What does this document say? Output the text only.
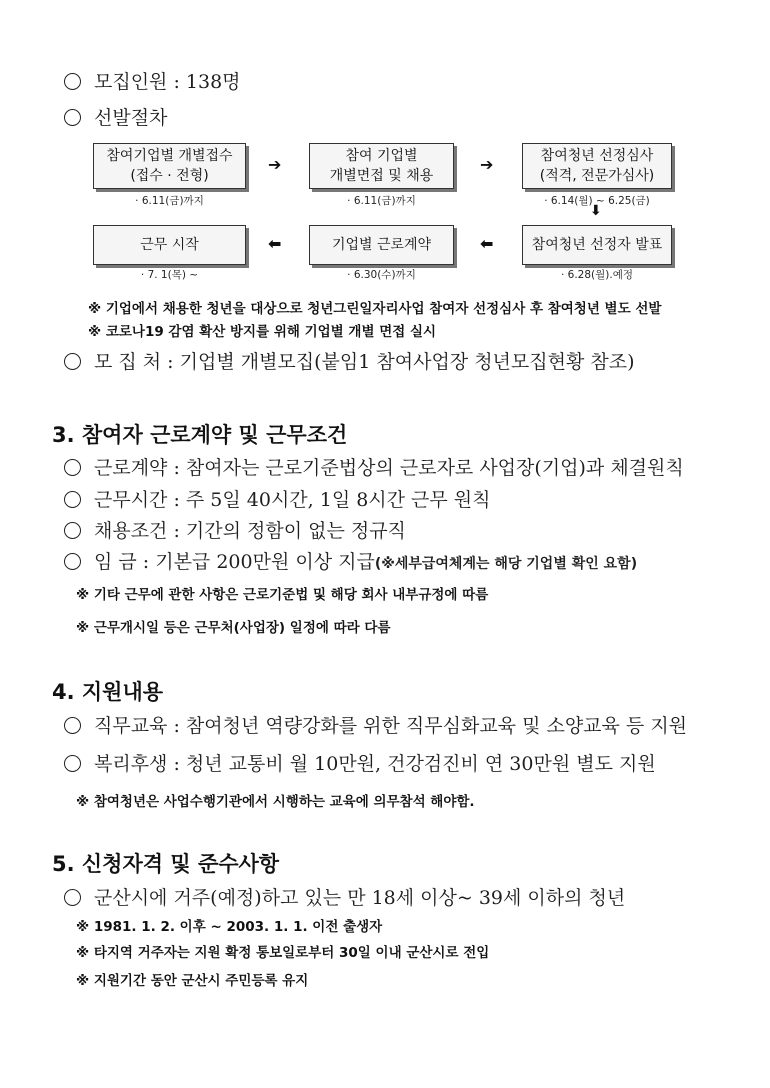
모집인원 : 138명
선발절차
참여기업별 개별접수
(접수 · 전형)
· 6.11(금)까지
➔	참여 기업별
개별면접 및 채용
· 6.11(금)까지
➔	참여청년 선정심사
(적격, 전문가심사)
· 6.14(월) ~ 6.25(금)
⬇
근무 시작
· 7. 1(목) ~
⬅	기업별 근로계약
· 6.30(수)까지
⬅	참여청년 선정자 발표
· 6.28(월).예정
※ 기업에서 채용한 청년을 대상으로 청년그린일자리사업 참여자 선정심사 후 참여청년 별도 선발
※ 코로나19 감염 확산 방지를 위해 기업별 개별 면접 실시
모 집 처 : 기업별 개별모집(붙임1 참여사업장 청년모집현황 참조)
3. 참여자 근로계약 및 근무조건
근로계약 : 참여자는 근로기준법상의 근로자로 사업장(기업)과 체결원칙
근무시간 : 주 5일 40시간, 1일 8시간 근무 원칙
채용조건 : 기간의 정함이 없는 정규직
임 금 : 기본급 200만원 이상 지급(※세부급여체계는 해당 기업별 확인 요함)
※ 기타 근무에 관한 사항은 근로기준법 및 해당 회사 내부규정에 따름
※ 근무개시일 등은 근무처(사업장) 일정에 따라 다름
4. 지원내용
직무교육 : 참여청년 역량강화를 위한 직무심화교육 및 소양교육 등 지원
복리후생 : 청년 교통비 월 10만원, 건강검진비 연 30만원 별도 지원
※ 참여청년은 사업수행기관에서 시행하는 교육에 의무참석 해야함.
5. 신청자격 및 준수사항
군산시에 거주(예정)하고 있는 만 18세 이상~ 39세 이하의 청년
※ 1981. 1. 2. 이후 ~ 2003. 1. 1. 이전 출생자
※ 타지역 거주자는 지원 확정 통보일로부터 30일 이내 군산시로 전입
※ 지원기간 동안 군산시 주민등록 유지
